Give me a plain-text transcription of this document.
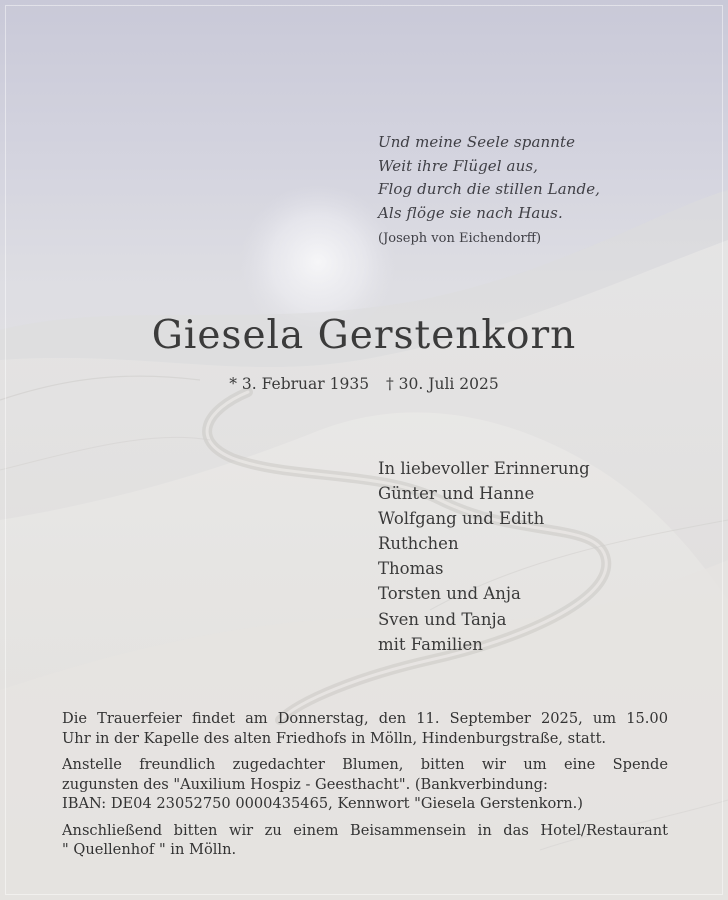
Und meine Seele spannte
Weit ihre Flügel aus,
Flog durch die stillen Lande,
Als flöge sie nach Haus.
(Joseph von Eichendorff)
Giesela Gerstenkorn
* 3. Februar 1935 † 30. Juli 2025
In liebevoller Erinnerung
Günter und Hanne
Wolfgang und Edith
Ruthchen
Thomas
Torsten und Anja
Sven und Tanja
mit Familien

Die Trauerfeier findet am Donnerstag, den 11. September 2025, um 15.00
Uhr in der Kapelle des alten Friedhofs in Mölln, Hindenburgstraße, statt.

Anstelle freundlich zugedachter Blumen, bitten wir um eine Spende
zugunsten des "Auxilium Hospiz - Geesthacht". (Bankverbindung:
IBAN: DE04 23052750 0000435465, Kennwort "Giesela Gerstenkorn.)

Anschließend bitten wir zu einem Beisammensein in das Hotel/Restaurant
" Quellenhof " in Mölln.
